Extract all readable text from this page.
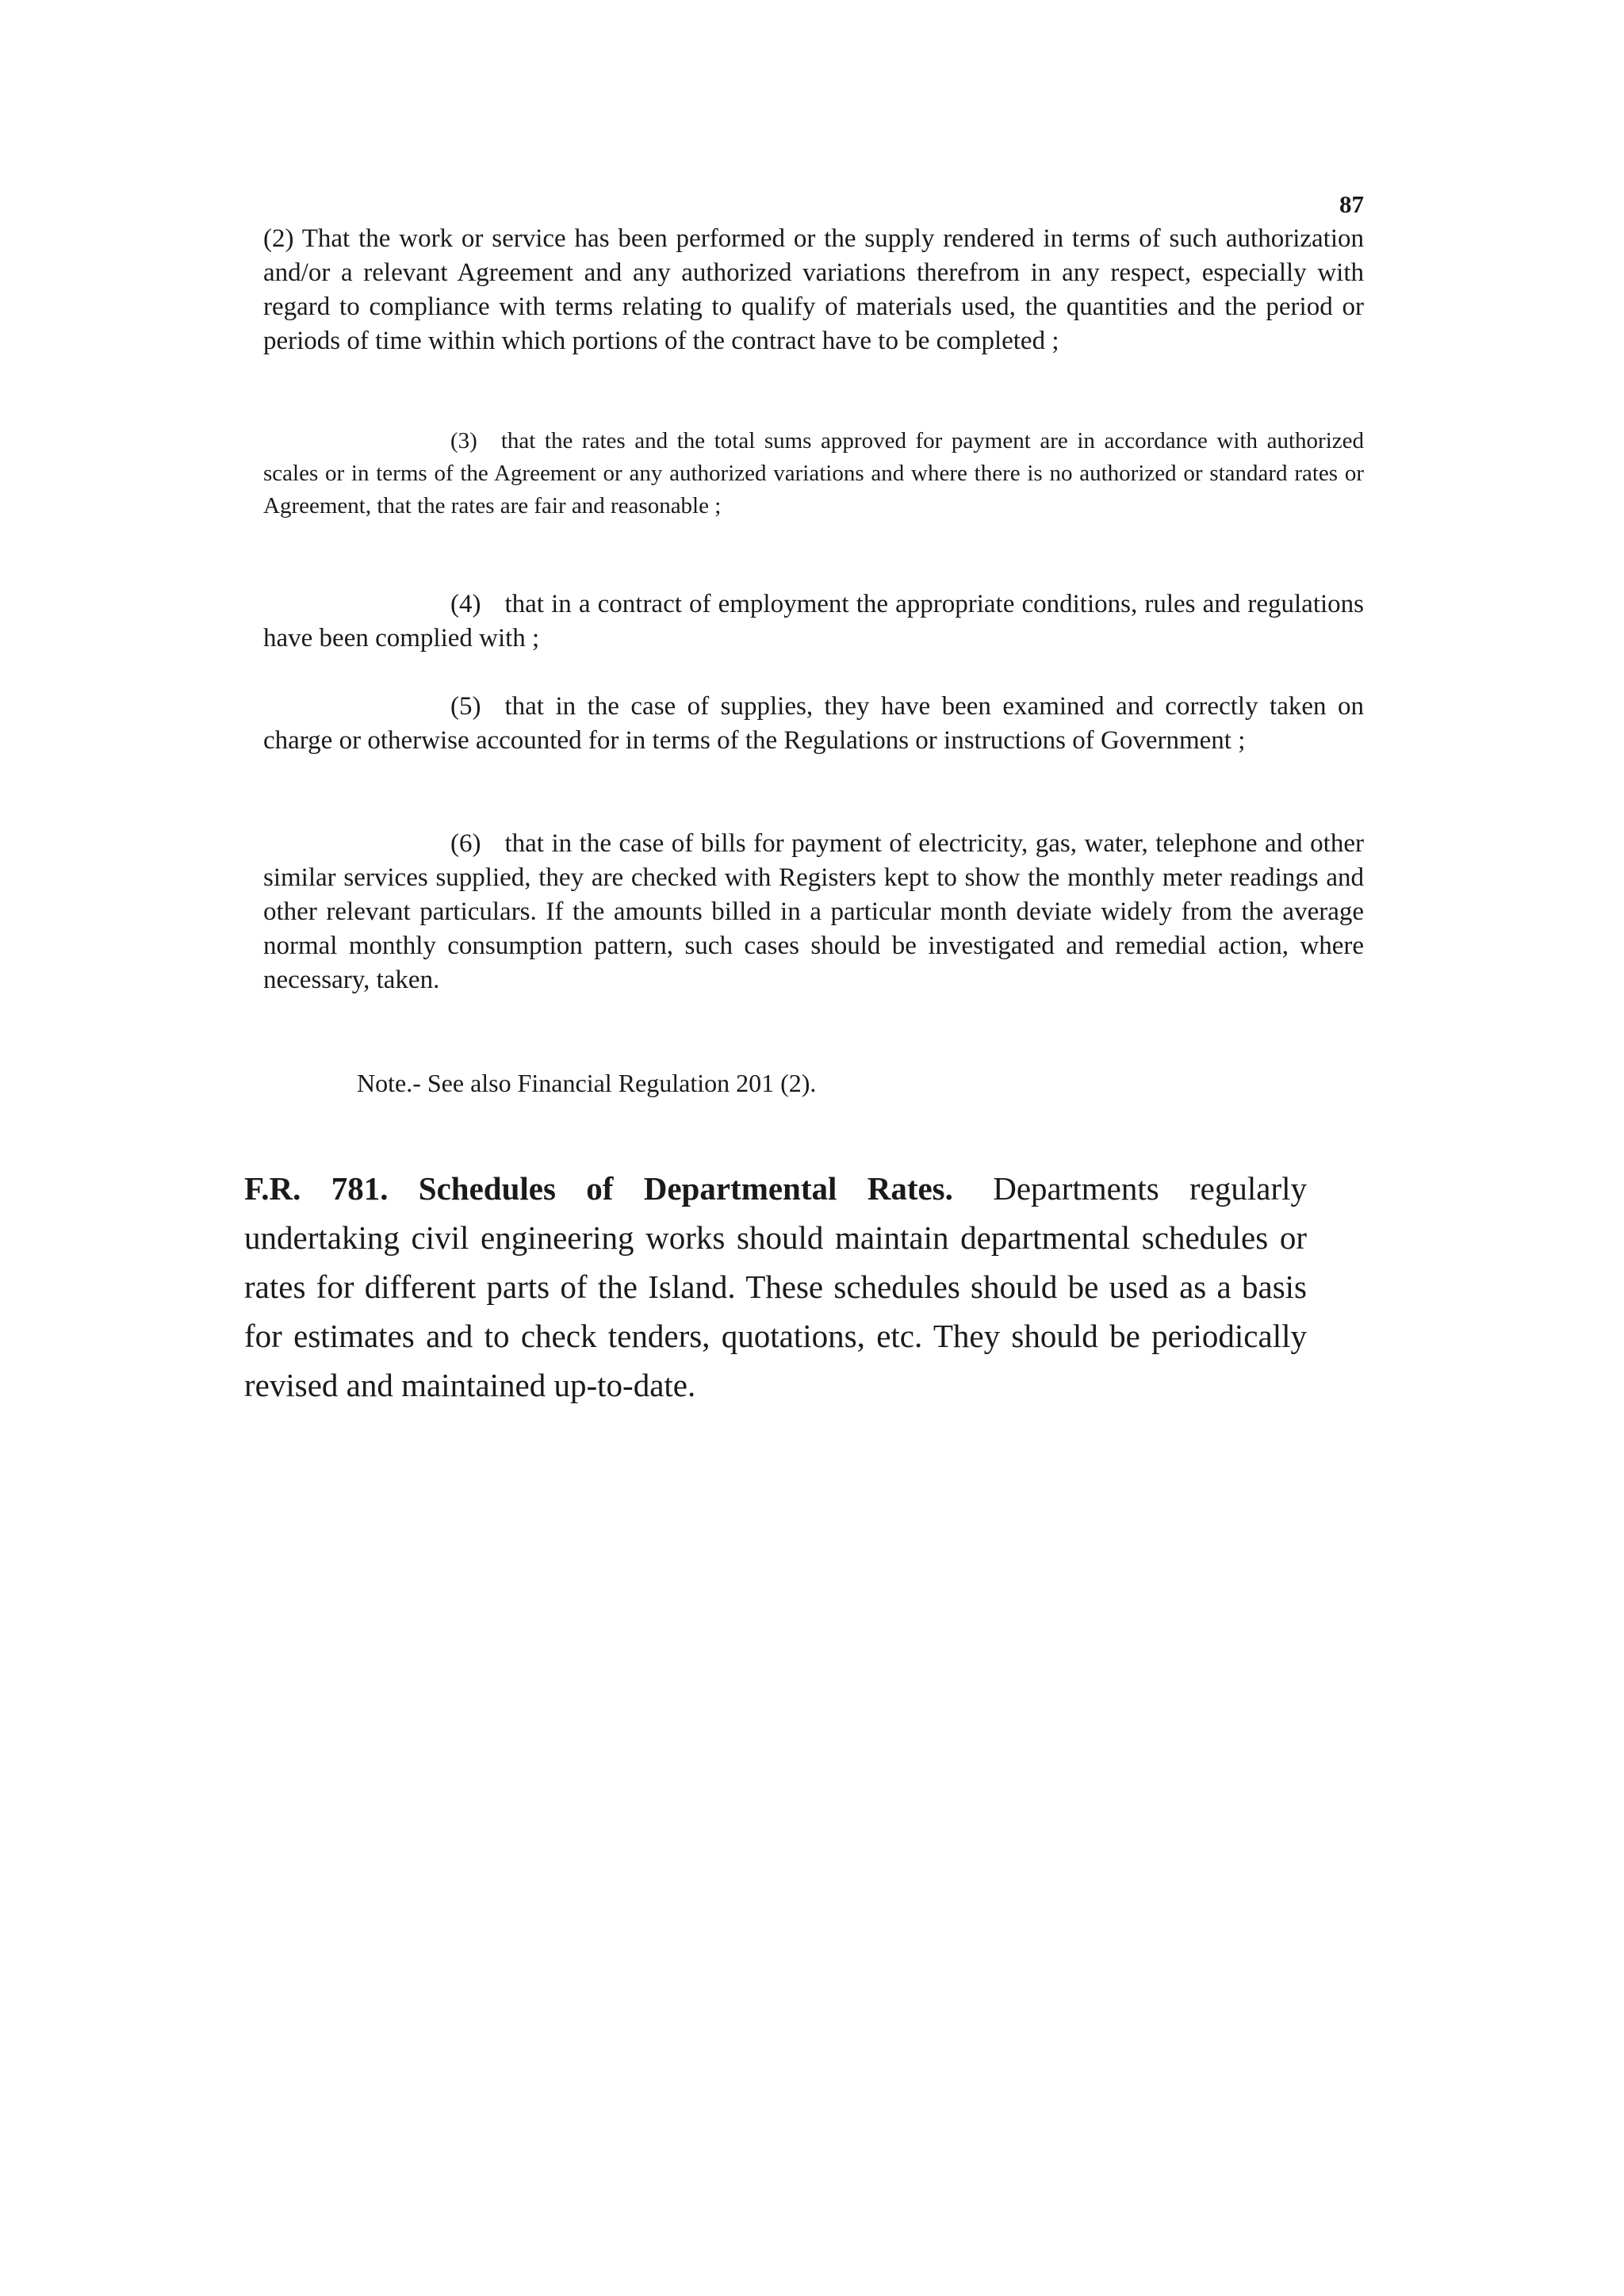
87

(2) That the work or service has been performed or the supply rendered in terms of such authorization and/or a relevant Agreement and any authorized variations therefrom in any respect, especially with regard to compliance with terms relating to qualify of materials used, the quantities and the period or periods of time within which portions of the contract have to be completed ;

(3) that the rates and the total sums approved for payment are in accordance with authorized scales or in terms of the Agreement or any authorized variations and where there is no authorized or standard rates or Agreement, that the rates are fair and reasonable ;

(4) that in a contract of employment the appropriate conditions, rules and regulations have been complied with ;

(5) that in the case of supplies, they have been examined and correctly taken on charge or otherwise accounted for in terms of the Regulations or instructions of Government ;

(6) that in the case of bills for payment of electricity, gas, water, telephone and other similar services supplied, they are checked with Registers kept to show the monthly meter readings and other relevant particulars. If the amounts billed in a particular month deviate widely from the average normal monthly consumption pattern, such cases should be investigated and remedial action, where necessary, taken.

Note.- See also Financial Regulation 201 (2).

F.R. 781. Schedules of Departmental Rates. Departments regularly undertaking civil engineering works should maintain departmental schedules or rates for different parts of the Island. These schedules should be used as a basis for estimates and to check tenders, quotations, etc. They should be periodically revised and maintained up-to-date.
